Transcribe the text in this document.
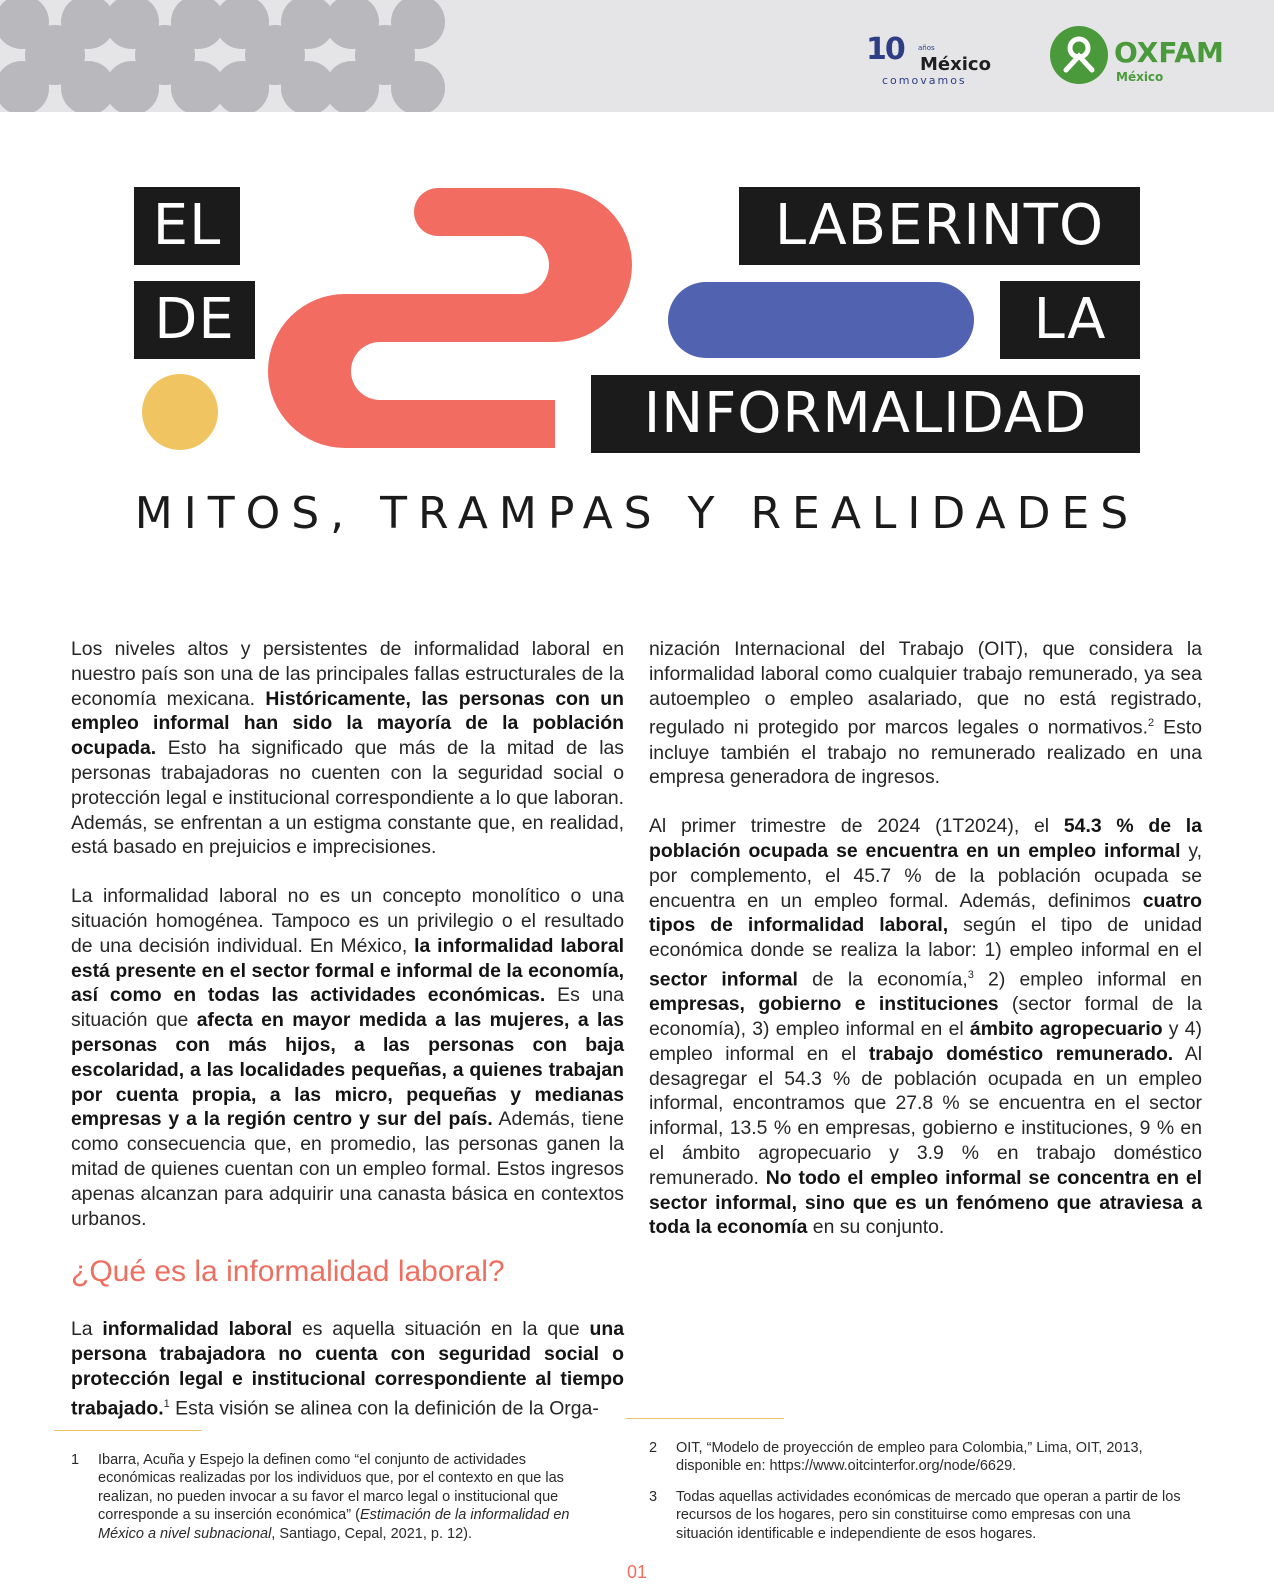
10 años
México
comovamos
OXFAM
México
EL
DE
LABERINTO
LA
INFORMALIDAD
MITOS, TRAMPAS Y REALIDADES

Los niveles altos y persistentes de informalidad laboral en nuestro país son una de las principales fallas estructurales de la economía mexicana. Históricamente, las personas con un empleo informal han sido la mayoría de la población ocupada. Esto ha significado que más de la mitad de las personas trabajadoras no cuenten con la seguridad social o protección legal e institucional correspondiente a lo que laboran. Además, se enfrentan a un estigma constante que, en realidad, está basado en prejuicios e imprecisiones.

La informalidad laboral no es un concepto monolítico o una situación homogénea. Tampoco es un privilegio o el resultado de una decisión individual. En México, la informalidad laboral está presente en el sector formal e informal de la economía, así como en todas las actividades económicas. Es una situación que afecta en mayor medida a las mujeres, a las personas con más hijos, a las personas con baja escolaridad, a las localidades pequeñas, a quienes trabajan por cuenta propia, a las micro, pequeñas y medianas empresas y a la región centro y sur del país. Además, tiene como consecuencia que, en promedio, las personas ganen la mitad de quienes cuentan con un empleo formal. Estos ingresos apenas alcanzan para adquirir una canasta básica en contextos urbanos.

¿Qué es la informalidad laboral?

La informalidad laboral es aquella situación en la que una persona trabajadora no cuenta con seguridad social o protección legal e institucional correspondiente al tiempo trabajado.$^1$ Esta visión se alinea con la definición de la Orga-

nización Internacional del Trabajo (OIT), que considera la informalidad laboral como cualquier trabajo remunerado, ya sea autoempleo o empleo asalariado, que no está registrado, regulado ni protegido por marcos legales o normativos.$^2$ Esto incluye también el trabajo no remunerado realizado en una empresa generadora de ingresos.

Al primer trimestre de 2024 (1T2024), el 54.3 % de la población ocupada se encuentra en un empleo informal y, por complemento, el 45.7 % de la población ocupada se encuentra en un empleo formal. Además, definimos cuatro tipos de informalidad laboral, según el tipo de unidad económica donde se realiza la labor: 1) empleo informal en el sector informal de la economía,$^3$ 2) empleo informal en empresas, gobierno e instituciones (sector formal de la economía), 3) empleo informal en el ámbito agropecuario y 4) empleo informal en el trabajo doméstico remunerado. Al desagregar el 54.3 % de población ocupada en un empleo informal, encontramos que 27.8 % se encuentra en el sector informal, 13.5 % en empresas, gobierno e instituciones, 9 % en el ámbito agropecuario y 3.9 % en trabajo doméstico remunerado. No todo el empleo informal se concentra en el sector informal, sino que es un fenómeno que atraviesa a toda la economía en su conjunto.

1 Ibarra, Acuña y Espejo la definen como “el conjunto de actividades económicas realizadas por los individuos que, por el contexto en que las realizan, no pueden invocar a su favor el marco legal o institucional que corresponde a su inserción económica” (Estimación de la informalidad en México a nivel subnacional, Santiago, Cepal, 2021, p. 12).
2 OIT, “Modelo de proyección de empleo para Colombia,” Lima, OIT, 2013, disponible en: https://www.oitcinterfor.org/node/6629.
3 Todas aquellas actividades económicas de mercado que operan a partir de los recursos de los hogares, pero sin constituirse como empresas con una situación identificable e independiente de esos hogares.
01
